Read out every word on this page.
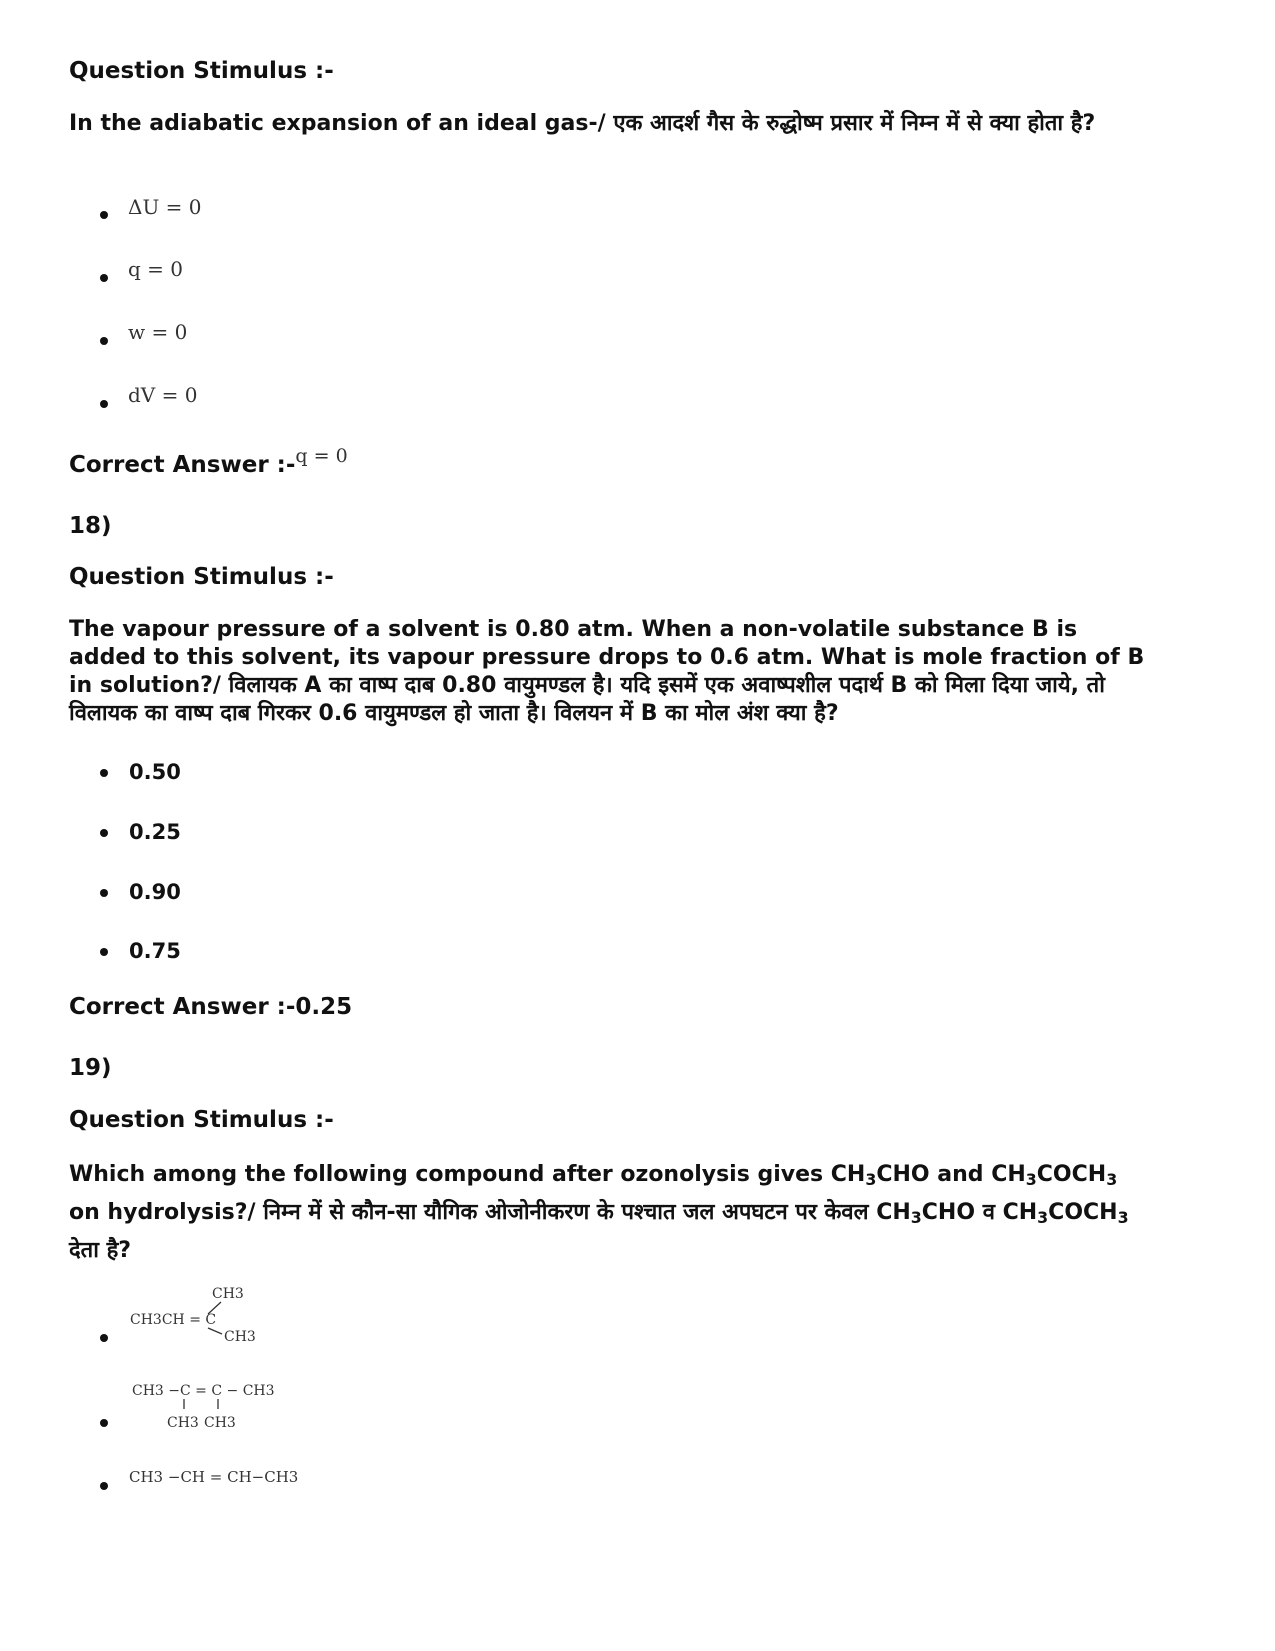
Question Stimulus :-
In the adiabatic expansion of an ideal gas-/ एक आदर्श गैस के रुद्धोष्म प्रसार में निम्न में से क्या होता है?
ΔU = 0
q = 0
w = 0
dV = 0
Correct Answer :-q = 0
18)
Question Stimulus :-
The vapour pressure of a solvent is 0.80 atm. When a non-volatile substance B is added to this solvent, its vapour pressure drops to 0.6 atm. What is mole fraction of B in solution?/ विलायक A का वाष्प दाब 0.80 वायुमण्डल है। यदि इसमें एक अवाष्पशील पदार्थ B को मिला दिया जाये, तो विलायक का वाष्प दाब गिरकर 0.6 वायुमण्डल हो जाता है। विलयन में B का मोल अंश क्या है?
0.50
0.25
0.90
0.75
Correct Answer :-0.25
19)
Question Stimulus :-
Which among the following compound after ozonolysis gives $CH_3CHO$ and $CH_3COCH_3$ on hydrolysis?/ निम्न में से कौन-सा यौगिक ओजोनीकरण के पश्चात जल अपघटन पर केवल $CH_3CHO$ व $CH_3COCH_3$ देता है?
CH3
CH3CH = C
CH3
CH3 −C = C − CH3
CH3 CH3
CH3 −CH = CH−CH3
